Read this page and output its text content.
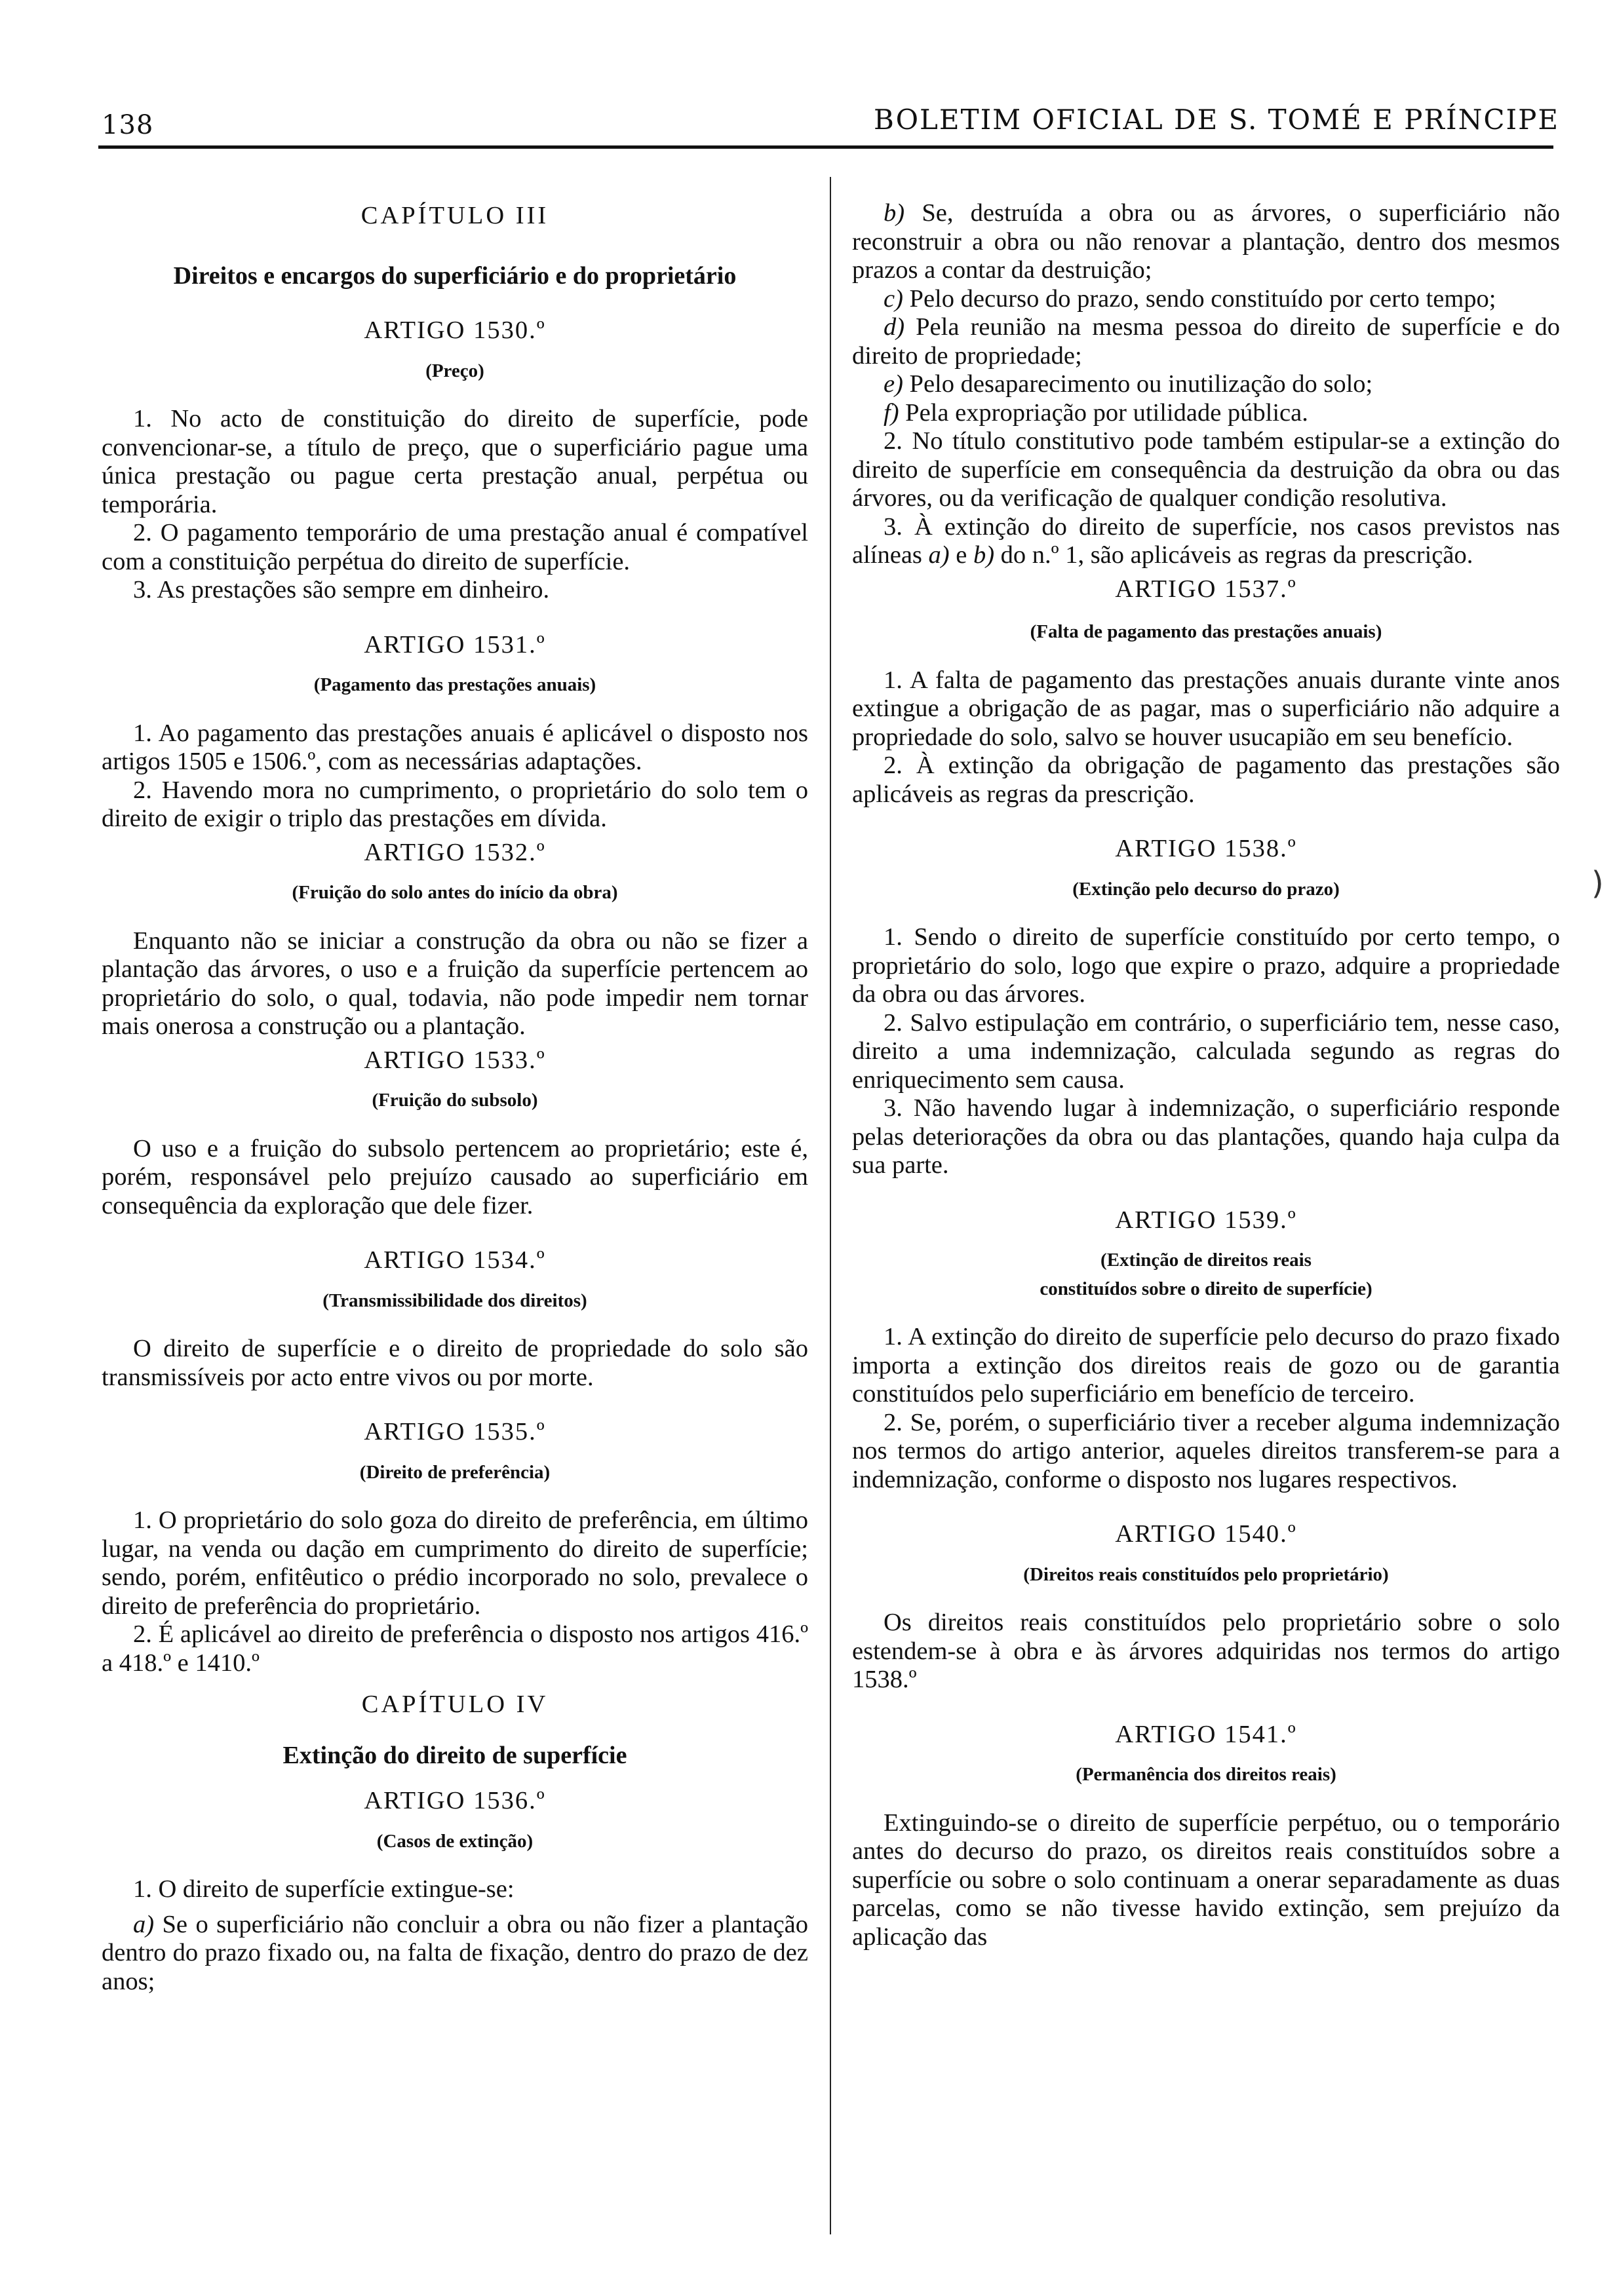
138	BOLETIM OFICIAL DE S. TOMÉ E PRÍNCIPE
)

CAPÍTULO III

Direitos e encargos do superficiário e do proprietário

ARTIGO 1530.º

(Preço)

1. No acto de constituição do direito de superfície, pode convencionar-se, a título de preço, que o superficiário pague uma única prestação ou pague certa prestação anual, perpétua ou temporária.

2. O pagamento temporário de uma prestação anual é compatível com a constituição perpétua do direito de superfície.

3. As prestações são sempre em dinheiro.

ARTIGO 1531.º

(Pagamento das prestações anuais)

1. Ao pagamento das prestações anuais é aplicável o disposto nos artigos 1505 e 1506.º, com as necessárias adaptações.

2. Havendo mora no cumprimento, o proprietário do solo tem o direito de exigir o triplo das prestações em dívida.

ARTIGO 1532.º

(Fruição do solo antes do início da obra)

Enquanto não se iniciar a construção da obra ou não se fizer a plantação das árvores, o uso e a fruição da superfície pertencem ao proprietário do solo, o qual, todavia, não pode impedir nem tornar mais onerosa a construção ou a plantação.

ARTIGO 1533.º

(Fruição do subsolo)

O uso e a fruição do subsolo pertencem ao proprietário; este é, porém, responsável pelo prejuízo causado ao superficiário em consequência da exploração que dele fizer.

ARTIGO 1534.º

(Transmissibilidade dos direitos)

O direito de superfície e o direito de propriedade do solo são transmissíveis por acto entre vivos ou por morte.

ARTIGO 1535.º

(Direito de preferência)

1. O proprietário do solo goza do direito de preferência, em último lugar, na venda ou dação em cumprimento do direito de superfície; sendo, porém, enfitêutico o prédio incorporado no solo, prevalece o direito de preferência do proprietário.

2. É aplicável ao direito de preferência o disposto nos artigos 416.º a 418.º e 1410.º

CAPÍTULO IV

Extinção do direito de superfície

ARTIGO 1536.º

(Casos de extinção)

1. O direito de superfície extingue-se:

a) Se o superficiário não concluir a obra ou não fizer a plantação dentro do prazo fixado ou, na falta de fixação, dentro do prazo de dez anos;

b) Se, destruída a obra ou as árvores, o superficiário não reconstruir a obra ou não renovar a plantação, dentro dos mesmos prazos a contar da destruição;

c) Pelo decurso do prazo, sendo constituído por certo tempo;

d) Pela reunião na mesma pessoa do direito de superfície e do direito de propriedade;

e) Pelo desaparecimento ou inutilização do solo;

f) Pela expropriação por utilidade pública.

2. No título constitutivo pode também estipular-se a extinção do direito de superfície em consequência da destruição da obra ou das árvores, ou da verificação de qualquer condição resolutiva.

3. À extinção do direito de superfície, nos casos previstos nas alíneas a) e b) do n.º 1, são aplicáveis as regras da prescrição.

ARTIGO 1537.º

(Falta de pagamento das prestações anuais)

1. A falta de pagamento das prestações anuais durante vinte anos extingue a obrigação de as pagar, mas o superficiário não adquire a propriedade do solo, salvo se houver usucapião em seu benefício.

2. À extinção da obrigação de pagamento das prestações são aplicáveis as regras da prescrição.

ARTIGO 1538.º

(Extinção pelo decurso do prazo)

1. Sendo o direito de superfície constituído por certo tempo, o proprietário do solo, logo que expire o prazo, adquire a propriedade da obra ou das árvores.

2. Salvo estipulação em contrário, o superficiário tem, nesse caso, direito a uma indemnização, calculada segundo as regras do enriquecimento sem causa.

3. Não havendo lugar à indemnização, o superficiário responde pelas deteriorações da obra ou das plantações, quando haja culpa da sua parte.

ARTIGO 1539.º

(Extinção de direitos reais

constituídos sobre o direito de superfície)

1. A extinção do direito de superfície pelo decurso do prazo fixado importa a extinção dos direitos reais de gozo ou de garantia constituídos pelo superficiário em benefício de terceiro.

2. Se, porém, o superficiário tiver a receber alguma indemnização nos termos do artigo anterior, aqueles direitos transferem-se para a indemnização, conforme o disposto nos lugares respectivos.

ARTIGO 1540.º

(Direitos reais constituídos pelo proprietário)

Os direitos reais constituídos pelo proprietário sobre o solo estendem-se à obra e às árvores adquiridas nos termos do artigo 1538.º

ARTIGO 1541.º

(Permanência dos direitos reais)

Extinguindo-se o direito de superfície perpétuo, ou o temporário antes do decurso do prazo, os direitos reais constituídos sobre a superfície ou sobre o solo continuam a onerar separadamente as duas parcelas, como se não tivesse havido extinção, sem prejuízo da aplicação das
